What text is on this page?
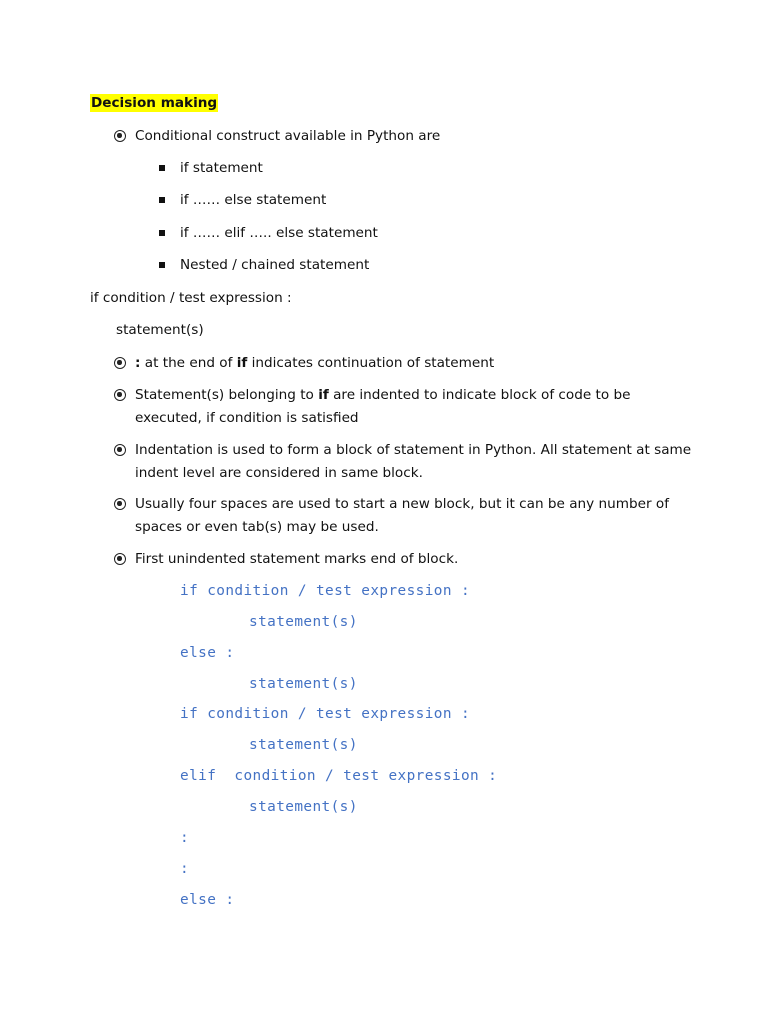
Decision making
Conditional construct available in Python are
if statement
if …… else statement
if …… elif ….. else statement
Nested / chained statement
if condition / test expression :
statement(s)
: at the end of if indicates continuation of statement
Statement(s) belonging to if are indented to indicate block of code to be executed, if condition is satisfied
Indentation is used to form a block of statement in Python. All statement at same indent level are considered in same block.
Usually four spaces are used to start a new block, but it can be any number of spaces or even tab(s) may be used.
First unindented statement marks end of block.
if condition / test expression :
statement(s)
else :
statement(s)
if condition / test expression :
statement(s)
elif  condition / test expression :
statement(s)
:
:
else :
